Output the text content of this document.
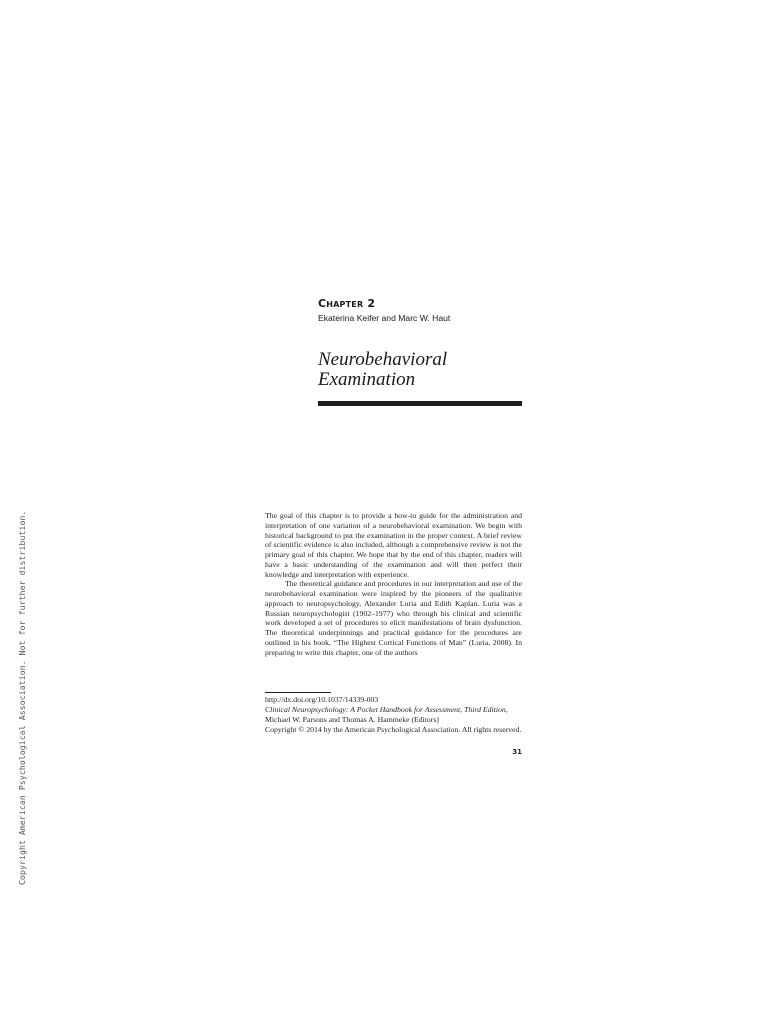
Copyright American Psychological Association. Not for further distribution.
Chapter 2
Ekaterina Keifer and Marc W. Haut
Neurobehavioral
Examination

The goal of this chapter is to provide a how-to guide for the administration and interpretation of one variation of a neurobehavioral examination. We begin with historical background to put the examination in the proper context. A brief review of scientific evidence is also included, although a comprehensive review is not the primary goal of this chapter. We hope that by the end of this chapter, readers will have a basic understanding of the examination and will then perfect their knowledge and interpretation with experience.

The theoretical guidance and procedures in our interpretation and use of the neurobehavioral examination were inspired by the pioneers of the qualitative approach to neuropsychology, Alexander Luria and Edith Kaplan. Luria was a Russian neuropsychologist (1902–1977) who through his clinical and scientific work developed a set of procedures to elicit manifestations of brain dysfunction. The theoretical underpinnings and practical guidance for the procedures are outlined in his book, “The Highest Cortical Functions of Man” (Luria, 2008). In preparing to write this chapter, one of the authors

http://dx.doi.org/10.1037/14339-003
Clinical Neuropsychology: A Pocket Handbook for Assessment, Third Edition,
Michael W. Parsons and Thomas A. Hammeke (Editors)
Copyright © 2014 by the American Psychological Association. All rights reserved.
31
